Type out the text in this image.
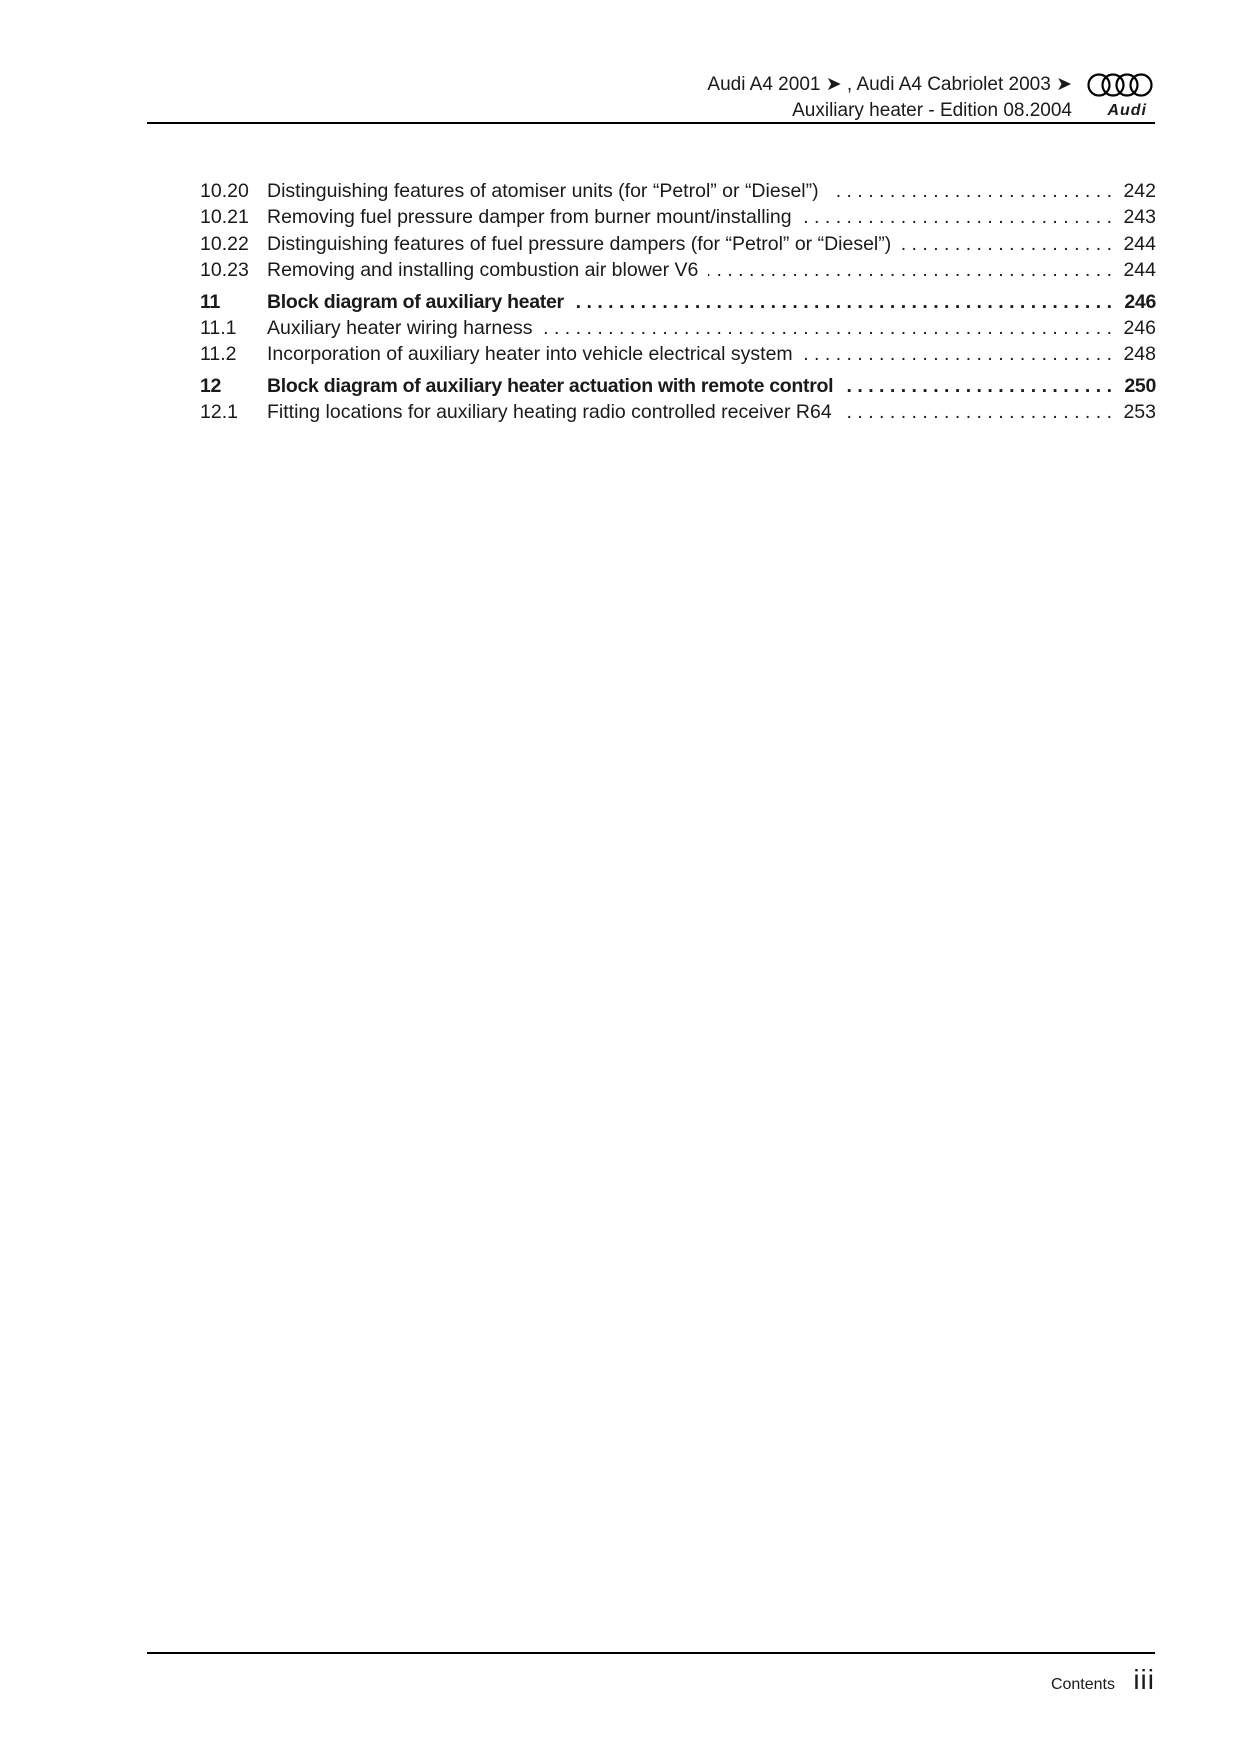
Audi A4 2001 ➤ , Audi A4 Cabriolet 2003 ➤
Auxiliary heater - Edition 08.2004 Audi
10.20 Distinguishing features of atomiser units (for “Petrol” or “Diesel”) . . .	242
10.21 Removing fuel pressure damper from burner mount/installing . . .	243
10.22 Distinguishing features of fuel pressure dampers (for “Petrol” or “Diesel”) . . .	244
10.23 Removing and installing combustion air blower V6 . . .	244
11	Block diagram of auxiliary heater . . .	246
11.1	Auxiliary heater wiring harness . . .	246
11.2	Incorporation of auxiliary heater into vehicle electrical system . . .	248
12	Block diagram of auxiliary heater actuation with remote control . . .	250
12.1	Fitting locations for auxiliary heating radio controlled receiver R64 . . .	253
Contents iii
